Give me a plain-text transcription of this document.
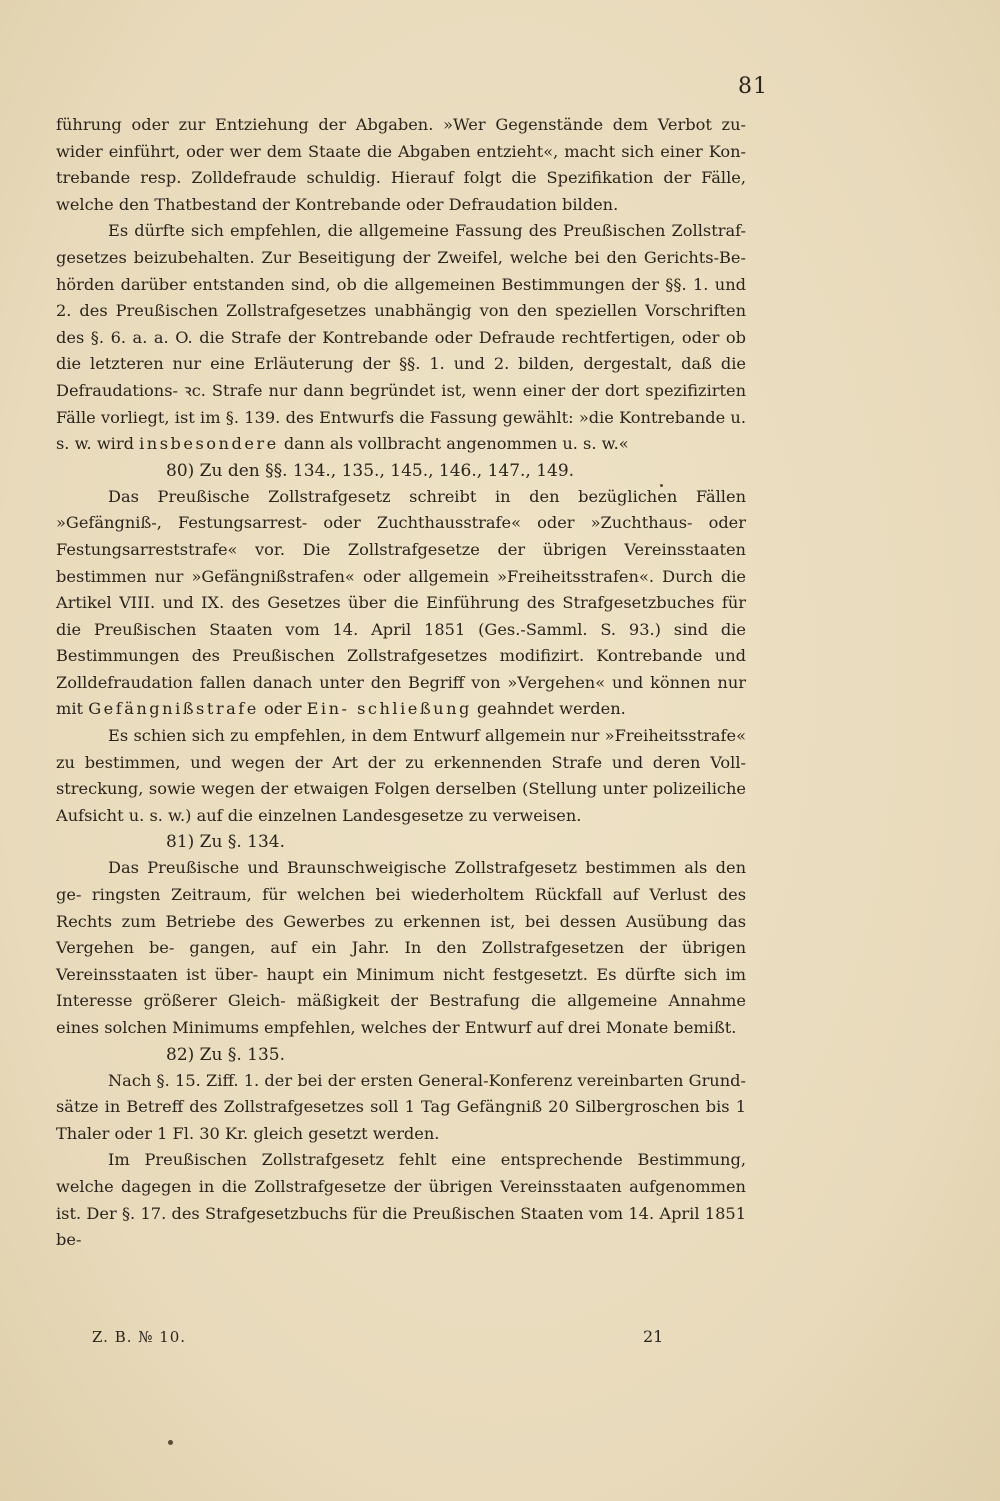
81

führung oder zur Entziehung der Abgaben. »Wer Gegenstände dem Verbot zu- wider einführt, oder wer dem Staate die Abgaben entzieht«, macht sich einer Kon- trebande resp. Zolldefraude schuldig. Hierauf folgt die Spezifikation der Fälle, welche den Thatbestand der Kontrebande oder Defraudation bilden.

Es dürfte sich empfehlen, die allgemeine Fassung des Preußischen Zollstraf- gesetzes beizubehalten. Zur Beseitigung der Zweifel, welche bei den Gerichts-Be- hörden darüber entstanden sind, ob die allgemeinen Bestimmungen der §§. 1. und 2. des Preußischen Zollstrafgesetzes unabhängig von den speziellen Vorschriften des §. 6. a. a. O. die Strafe der Kontrebande oder Defraude rechtfertigen, oder ob die letzteren nur eine Erläuterung der §§. 1. und 2. bilden, dergestalt, daß die Defraudations- ꝛc. Strafe nur dann begründet ist, wenn einer der dort spezifizirten Fälle vorliegt, ist im §. 139. des Entwurfs die Fassung gewählt: »die Kontrebande u. s. w. wird insbesondere dann als vollbracht angenommen u. s. w.«

80) Zu den §§. 134., 135., 145., 146., 147., 149.

Das Preußische Zollstrafgesetz schreibt in den bezüglichen Fällen »Gefängniß-, Festungsarrest- oder Zuchthausstrafe« oder »Zuchthaus- oder Festungsarreststrafe« vor. Die Zollstrafgesetze der übrigen Vereinsstaaten bestimmen nur »Gefängnißstrafen« oder allgemein »Freiheitsstrafen«. Durch die Artikel VIII. und IX. des Gesetzes über die Einführung des Strafgesetzbuches für die Preußischen Staaten vom 14. April 1851 (Ges.-Samml. S. 93.) sind die Bestimmungen des Preußischen Zollstrafgesetzes modifizirt. Kontrebande und Zolldefraudation fallen danach unter den Begriff von »Vergehen« und können nur mit Gefängnißstrafe oder Ein- schließung geahndet werden.

Es schien sich zu empfehlen, in dem Entwurf allgemein nur »Freiheitsstrafe« zu bestimmen, und wegen der Art der zu erkennenden Strafe und deren Voll- streckung, sowie wegen der etwaigen Folgen derselben (Stellung unter polizeiliche Aufsicht u. s. w.) auf die einzelnen Landesgesetze zu verweisen.

81) Zu §. 134.

Das Preußische und Braunschweigische Zollstrafgesetz bestimmen als den ge- ringsten Zeitraum, für welchen bei wiederholtem Rückfall auf Verlust des Rechts zum Betriebe des Gewerbes zu erkennen ist, bei dessen Ausübung das Vergehen be- gangen, auf ein Jahr. In den Zollstrafgesetzen der übrigen Vereinsstaaten ist über- haupt ein Minimum nicht festgesetzt. Es dürfte sich im Interesse größerer Gleich- mäßigkeit der Bestrafung die allgemeine Annahme eines solchen Minimums empfehlen, welches der Entwurf auf drei Monate bemißt.

82) Zu §. 135.

Nach §. 15. Ziff. 1. der bei der ersten General-Konferenz vereinbarten Grund- sätze in Betreff des Zollstrafgesetzes soll 1 Tag Gefängniß 20 Silbergroschen bis 1 Thaler oder 1 Fl. 30 Kr. gleich gesetzt werden.

Im Preußischen Zollstrafgesetz fehlt eine entsprechende Bestimmung, welche dagegen in die Zollstrafgesetze der übrigen Vereinsstaaten aufgenommen ist. Der §. 17. des Strafgesetzbuchs für die Preußischen Staaten vom 14. April 1851 be-

Z. B. № 10.	21
